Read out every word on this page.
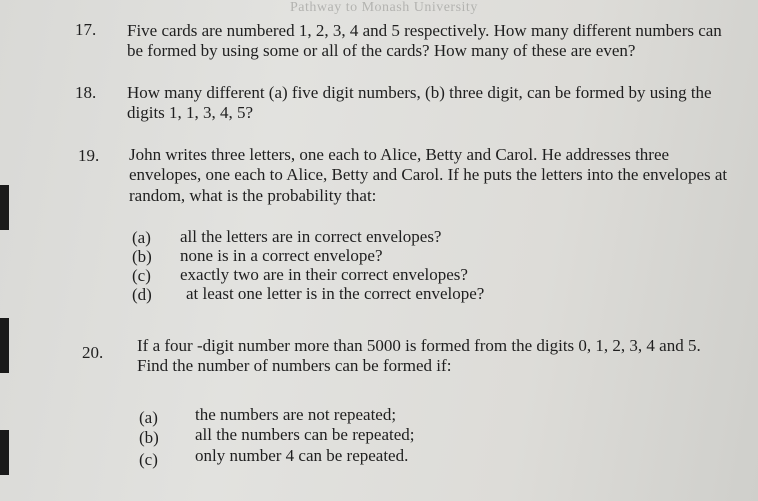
Pathway to Monash University
17. Five cards are numbered 1, 2, 3, 4 and 5 respectively. How many different numbers can
be formed by using some or all of the cards? How many of these are even?
18. How many different (a) five digit numbers, (b) three digit, can be formed by using the
digits 1, 1, 3, 4, 5?
19. John writes three letters, one each to Alice, Betty and Carol. He addresses three
envelopes, one each to Alice, Betty and Carol. If he puts the letters into the envelopes at
random, what is the probability that:
(a) all the letters are in correct envelopes?
(b) none is in a correct envelope?
(c) exactly two are in their correct envelopes?
(d) at least one letter is in the correct envelope?
20. If a four -digit number more than 5000 is formed from the digits 0, 1, 2, 3, 4 and 5.
Find the number of numbers can be formed if:
(a) the numbers are not repeated;
(b) all the numbers can be repeated;
(c) only number 4 can be repeated.
